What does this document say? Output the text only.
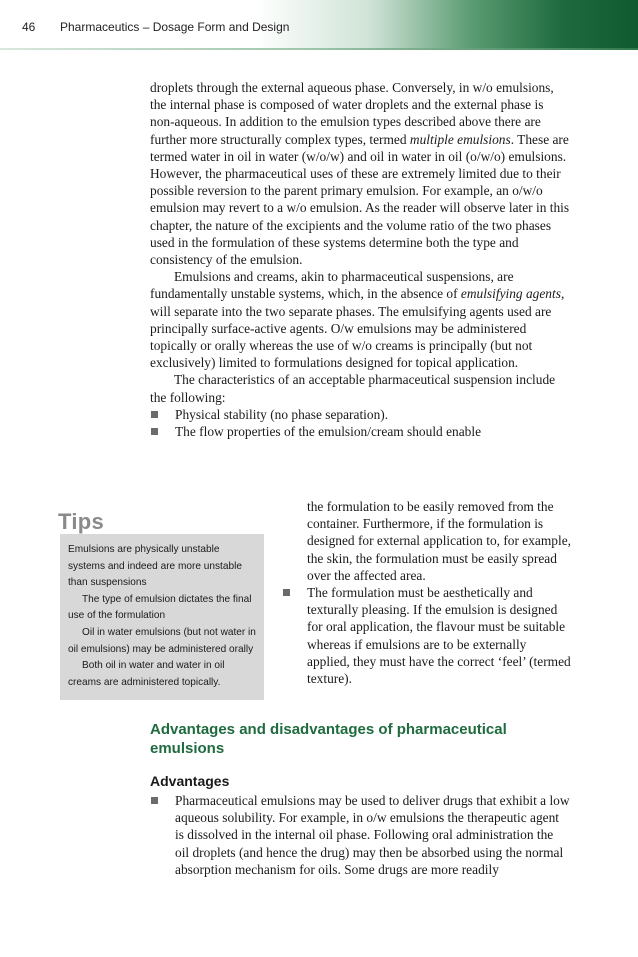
46 Pharmaceutics – Dosage Form and Design

droplets through the external aqueous phase. Conversely, in w/o emulsions, the internal phase is composed of water droplets and the external phase is non-aqueous. In addition to the emulsion types described above there are further more structurally complex types, termed multiple emulsions. These are termed water in oil in water (w/o/w) and oil in water in oil (o/w/o) emulsions. However, the pharmaceutical uses of these are extremely limited due to their possible reversion to the parent primary emulsion. For example, an o/w/o emulsion may revert to a w/o emulsion. As the reader will observe later in this chapter, the nature of the excipients and the volume ratio of the two phases used in the formulation of these systems determine both the type and consistency of the emulsion.

Emulsions and creams, akin to pharmaceutical suspensions, are fundamentally unstable systems, which, in the absence of emulsifying agents, will separate into the two separate phases. The emulsifying agents used are principally surface-active agents. O/w emulsions may be administered topically or orally whereas the use of w/o creams is principally (but not exclusively) limited to formulations designed for topical application.

The characteristics of an acceptable pharmaceutical suspension include the following:

Physical stability (no phase separation).
The flow properties of the emulsion/cream should enable
the formulation to be easily removed from the container. Furthermore, if the formulation is designed for external application to, for example, the skin, the formulation must be easily spread over the affected area.
The formulation must be aesthetically and texturally pleasing. If the emulsion is designed for oral application, the flavour must be suitable whereas if emulsions are to be externally applied, they must have the correct ‘feel’ (termed texture).
Tips

Emulsions are physically unstable systems and indeed are more unstable than suspensions

The type of emulsion dictates the final use of the formulation

Oil in water emulsions (but not water in oil emulsions) may be administered orally

Both oil in water and water in oil creams are administered topically.

Advantages and disadvantages of pharmaceutical emulsions
Advantages
Pharmaceutical emulsions may be used to deliver drugs that exhibit a low aqueous solubility. For example, in o/w emulsions the therapeutic agent is dissolved in the internal oil phase. Following oral administration the oil droplets (and hence the drug) may then be absorbed using the normal absorption mechanism for oils. Some drugs are more readily
